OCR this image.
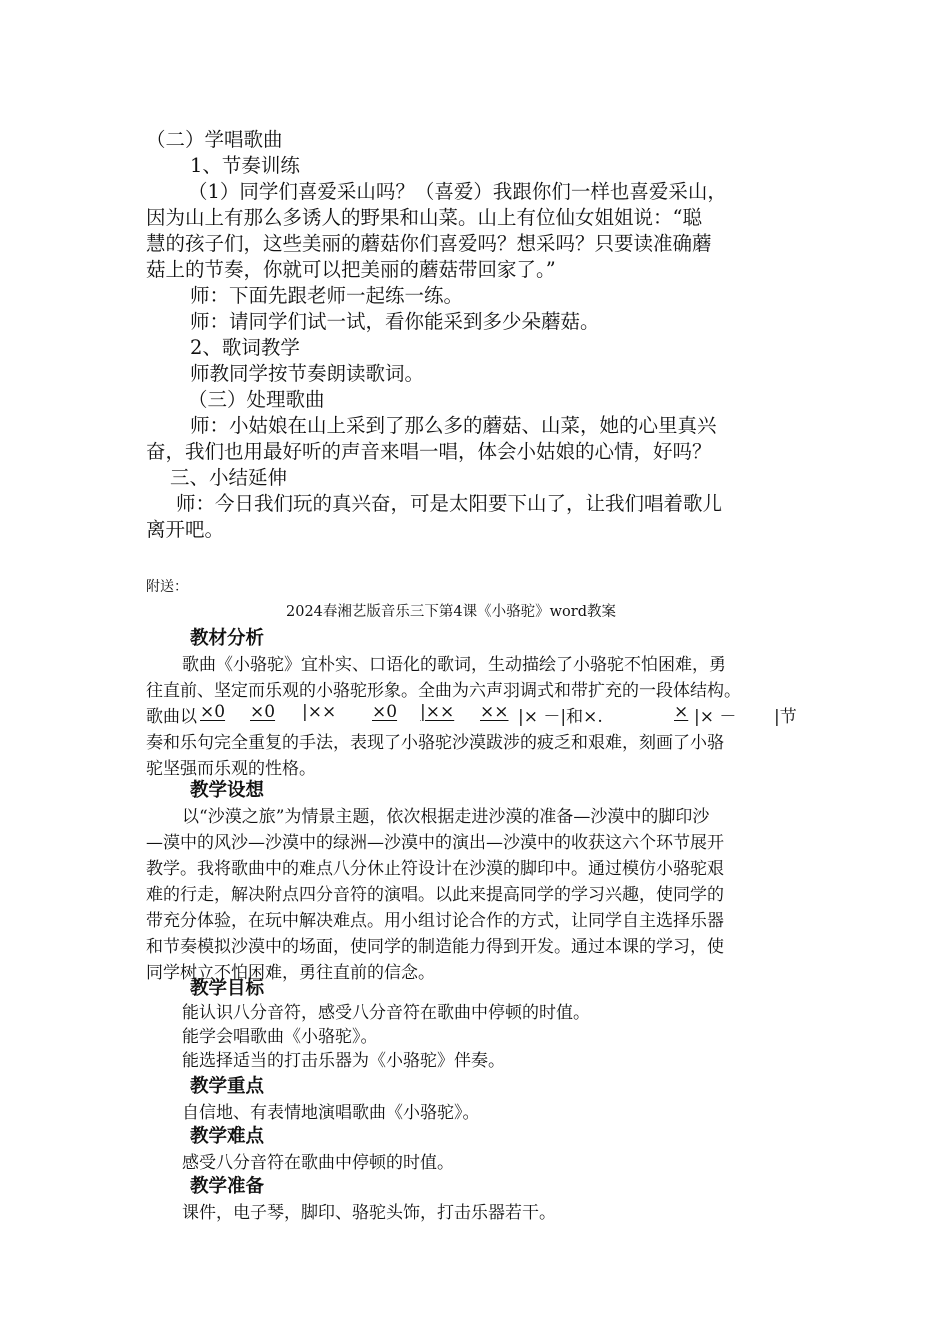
（二）学唱歌曲
1、节奏训练
（1）同学们喜爱采山吗？（喜爱）我跟你们一样也喜爱采山，
因为山上有那么多诱人的野果和山菜。山上有位仙女姐姐说：“聪
慧的孩子们，这些美丽的蘑菇你们喜爱吗？想采吗？只要读准确蘑
菇上的节奏，你就可以把美丽的蘑菇带回家了。”
师：下面先跟老师一起练一练。
师：请同学们试一试，看你能采到多少朵蘑菇。
2、歌词教学
师教同学按节奏朗读歌词。
（三）处理歌曲
师：小姑娘在山上采到了那么多的蘑菇、山菜，她的心里真兴
奋，我们也用最好听的声音来唱一唱，体会小姑娘的心情，好吗？
三、小结延伸
师：今日我们玩的真兴奋，可是太阳要下山了，让我们唱着歌儿
离开吧。
附送：
2024春湘艺版音乐三下第4课《小骆驼》word教案
教材分析
歌曲《小骆驼》宜朴实、口语化的歌词，生动描绘了小骆驼不怕困难，勇
往直前、坚定而乐观的小骆驼形象。全曲为六声羽调式和带扩充的一段体结构。
歌曲以 ×0 ×0	|×× ×0 |×× ×× |× －|和×.	× |× － |节
奏和乐句完全重复的手法，表现了小骆驼沙漠跋涉的疲乏和艰难，刻画了小骆
驼坚强而乐观的性格。
教学设想
以“沙漠之旅”为情景主题，依次根据走进沙漠的准备—沙漠中的脚印沙
—漠中的风沙—沙漠中的绿洲—沙漠中的演出—沙漠中的收获这六个环节展开
教学。我将歌曲中的难点八分休止符设计在沙漠的脚印中。通过模仿小骆驼艰
难的行走，解决附点四分音符的演唱。以此来提高同学的学习兴趣，使同学的
带充分体验，在玩中解决难点。用小组讨论合作的方式，让同学自主选择乐器
和节奏模拟沙漠中的场面，使同学的制造能力得到开发。通过本课的学习，使
同学树立不怕困难，勇往直前的信念。
教学目标
能认识八分音符，感受八分音符在歌曲中停顿的时值。
能学会唱歌曲《小骆驼》。
能选择适当的打击乐器为《小骆驼》伴奏。
教学重点
自信地、有表情地演唱歌曲《小骆驼》。
教学难点
感受八分音符在歌曲中停顿的时值。
教学准备
课件，电子琴，脚印、骆驼头饰，打击乐器若干。
